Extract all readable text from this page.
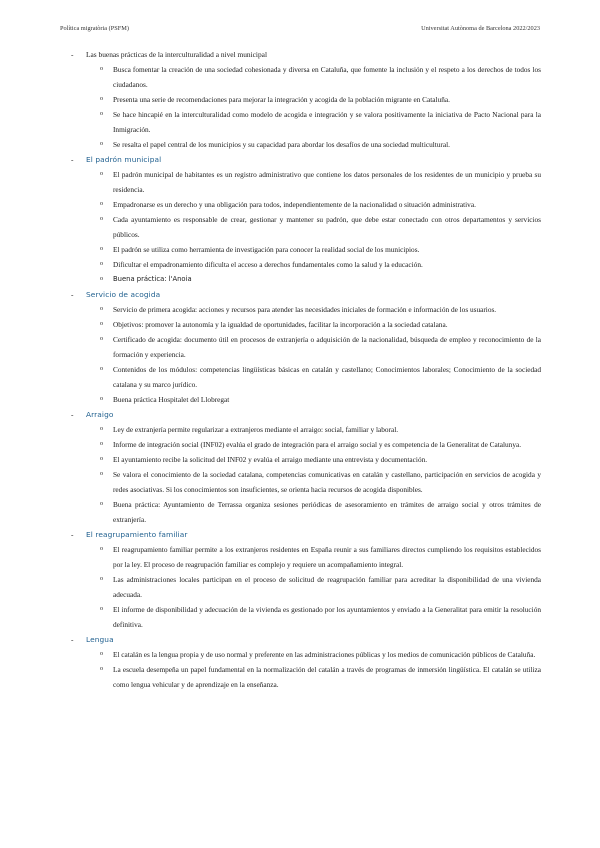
Política migratòria (PSFM)	Universitat Autònoma de Barcelona 2022/2023
-	Las buenas prácticas de la interculturalidad a nivel municipal
o	Busca fomentar la creación de una sociedad cohesionada y diversa en Cataluña, que fomente la inclusión y el respeto a los derechos de todos los ciudadanos.
o	Presenta una serie de recomendaciones para mejorar la integración y acogida de la población migrante en Cataluña.
o	Se hace hincapié en la interculturalidad como modelo de acogida e integración y se valora positivamente la iniciativa de Pacto Nacional para la Inmigración.
o	Se resalta el papel central de los municipios y su capacidad para abordar los desafíos de una sociedad multicultural.
-	El padrón municipal
o	El padrón municipal de habitantes es un registro administrativo que contiene los datos personales de los residentes de un municipio y prueba su residencia.
o	Empadronarse es un derecho y una obligación para todos, independientemente de la nacionalidad o situación administrativa.
o	Cada ayuntamiento es responsable de crear, gestionar y mantener su padrón, que debe estar conectado con otros departamentos y servicios públicos.
o	El padrón se utiliza como herramienta de investigación para conocer la realidad social de los municipios.
o	Dificultar el empadronamiento dificulta el acceso a derechos fundamentales como la salud y la educación.
o	Buena práctica: l'Anoia
-	Servicio de acogida
o	Servicio de primera acogida: acciones y recursos para atender las necesidades iniciales de formación e información de los usuarios.
o	Objetivos: promover la autonomía y la igualdad de oportunidades, facilitar la incorporación a la sociedad catalana.
o	Certificado de acogida: documento útil en procesos de extranjería o adquisición de la nacionalidad, búsqueda de empleo y reconocimiento de la formación y experiencia.
o	Contenidos de los módulos: competencias lingüísticas básicas en catalán y castellano; Conocimientos laborales; Conocimiento de la sociedad catalana y su marco jurídico.
o	Buena práctica Hospitalet del Llobregat
-	Arraigo
o	Ley de extranjería permite regularizar a extranjeros mediante el arraigo: social, familiar y laboral.
o	Informe de integración social (INF02) evalúa el grado de integración para el arraigo social y es competencia de la Generalitat de Catalunya.
o	El ayuntamiento recibe la solicitud del INF02 y evalúa el arraigo mediante una entrevista y documentación.
o	Se valora el conocimiento de la sociedad catalana, competencias comunicativas en catalán y castellano, participación en servicios de acogida y redes asociativas. Si los conocimientos son insuficientes, se orienta hacia recursos de acogida disponibles.
o	Buena práctica: Ayuntamiento de Terrassa organiza sesiones periódicas de asesoramiento en trámites de arraigo social y otros trámites de extranjería.
-	El reagrupamiento familiar
o	El reagrupamiento familiar permite a los extranjeros residentes en España reunir a sus familiares directos cumpliendo los requisitos establecidos por la ley. El proceso de reagrupación familiar es complejo y requiere un acompañamiento integral.
o	Las administraciones locales participan en el proceso de solicitud de reagrupación familiar para acreditar la disponibilidad de una vivienda adecuada.
o	El informe de disponibilidad y adecuación de la vivienda es gestionado por los ayuntamientos y enviado a la Generalitat para emitir la resolución definitiva.
-	Lengua
o	El catalán es la lengua propia y de uso normal y preferente en las administraciones públicas y los medios de comunicación públicos de Cataluña.
o	La escuela desempeña un papel fundamental en la normalización del catalán a través de programas de inmersión lingüística. El catalán se utiliza como lengua vehicular y de aprendizaje en la enseñanza.
